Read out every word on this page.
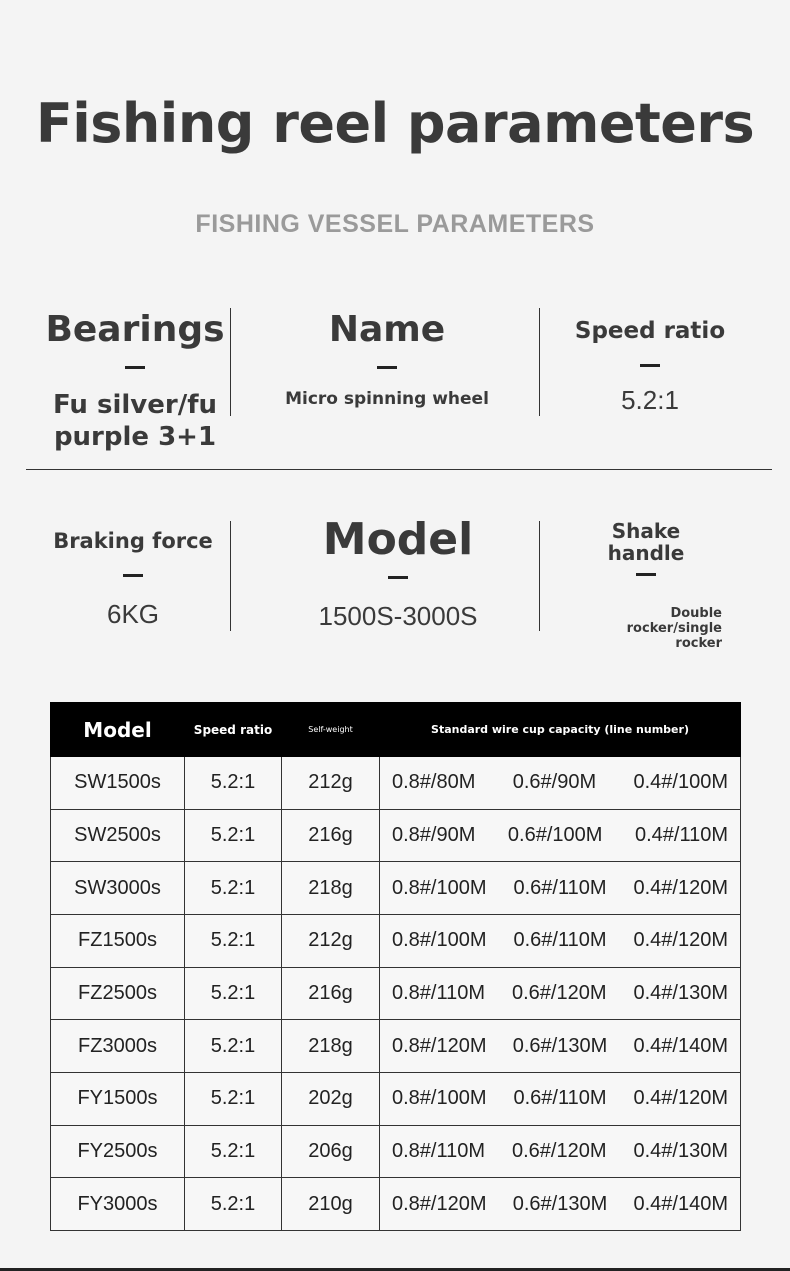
Fishing reel parameters
FISHING VESSEL PARAMETERS
Bearings
Fu silver/fu purple 3+1
Name
Micro spinning wheel
Speed ratio
5.2:1
Braking force
6KG
Model
1500S-3000S
Shake handle
Double rocker/single rocker
Model	Speed ratio	Self-weight	Standard wire cup capacity (line number)
SW1500s	5.2:1	212g	0.8#/80M 0.6#/90M 0.4#/100M

SW2500s	5.2:1	216g	0.8#/90M 0.6#/100M 0.4#/110M

SW3000s	5.2:1	218g	0.8#/100M 0.6#/110M 0.4#/120M

FZ1500s	5.2:1	212g	0.8#/100M 0.6#/110M 0.4#/120M

FZ2500s	5.2:1	216g	0.8#/110M 0.6#/120M 0.4#/130M

FZ3000s	5.2:1	218g	0.8#/120M 0.6#/130M 0.4#/140M

FY1500s	5.2:1	202g	0.8#/100M 0.6#/110M 0.4#/120M

FY2500s	5.2:1	206g	0.8#/110M 0.6#/120M 0.4#/130M

FY3000s	5.2:1	210g	0.8#/120M 0.6#/130M 0.4#/140M
